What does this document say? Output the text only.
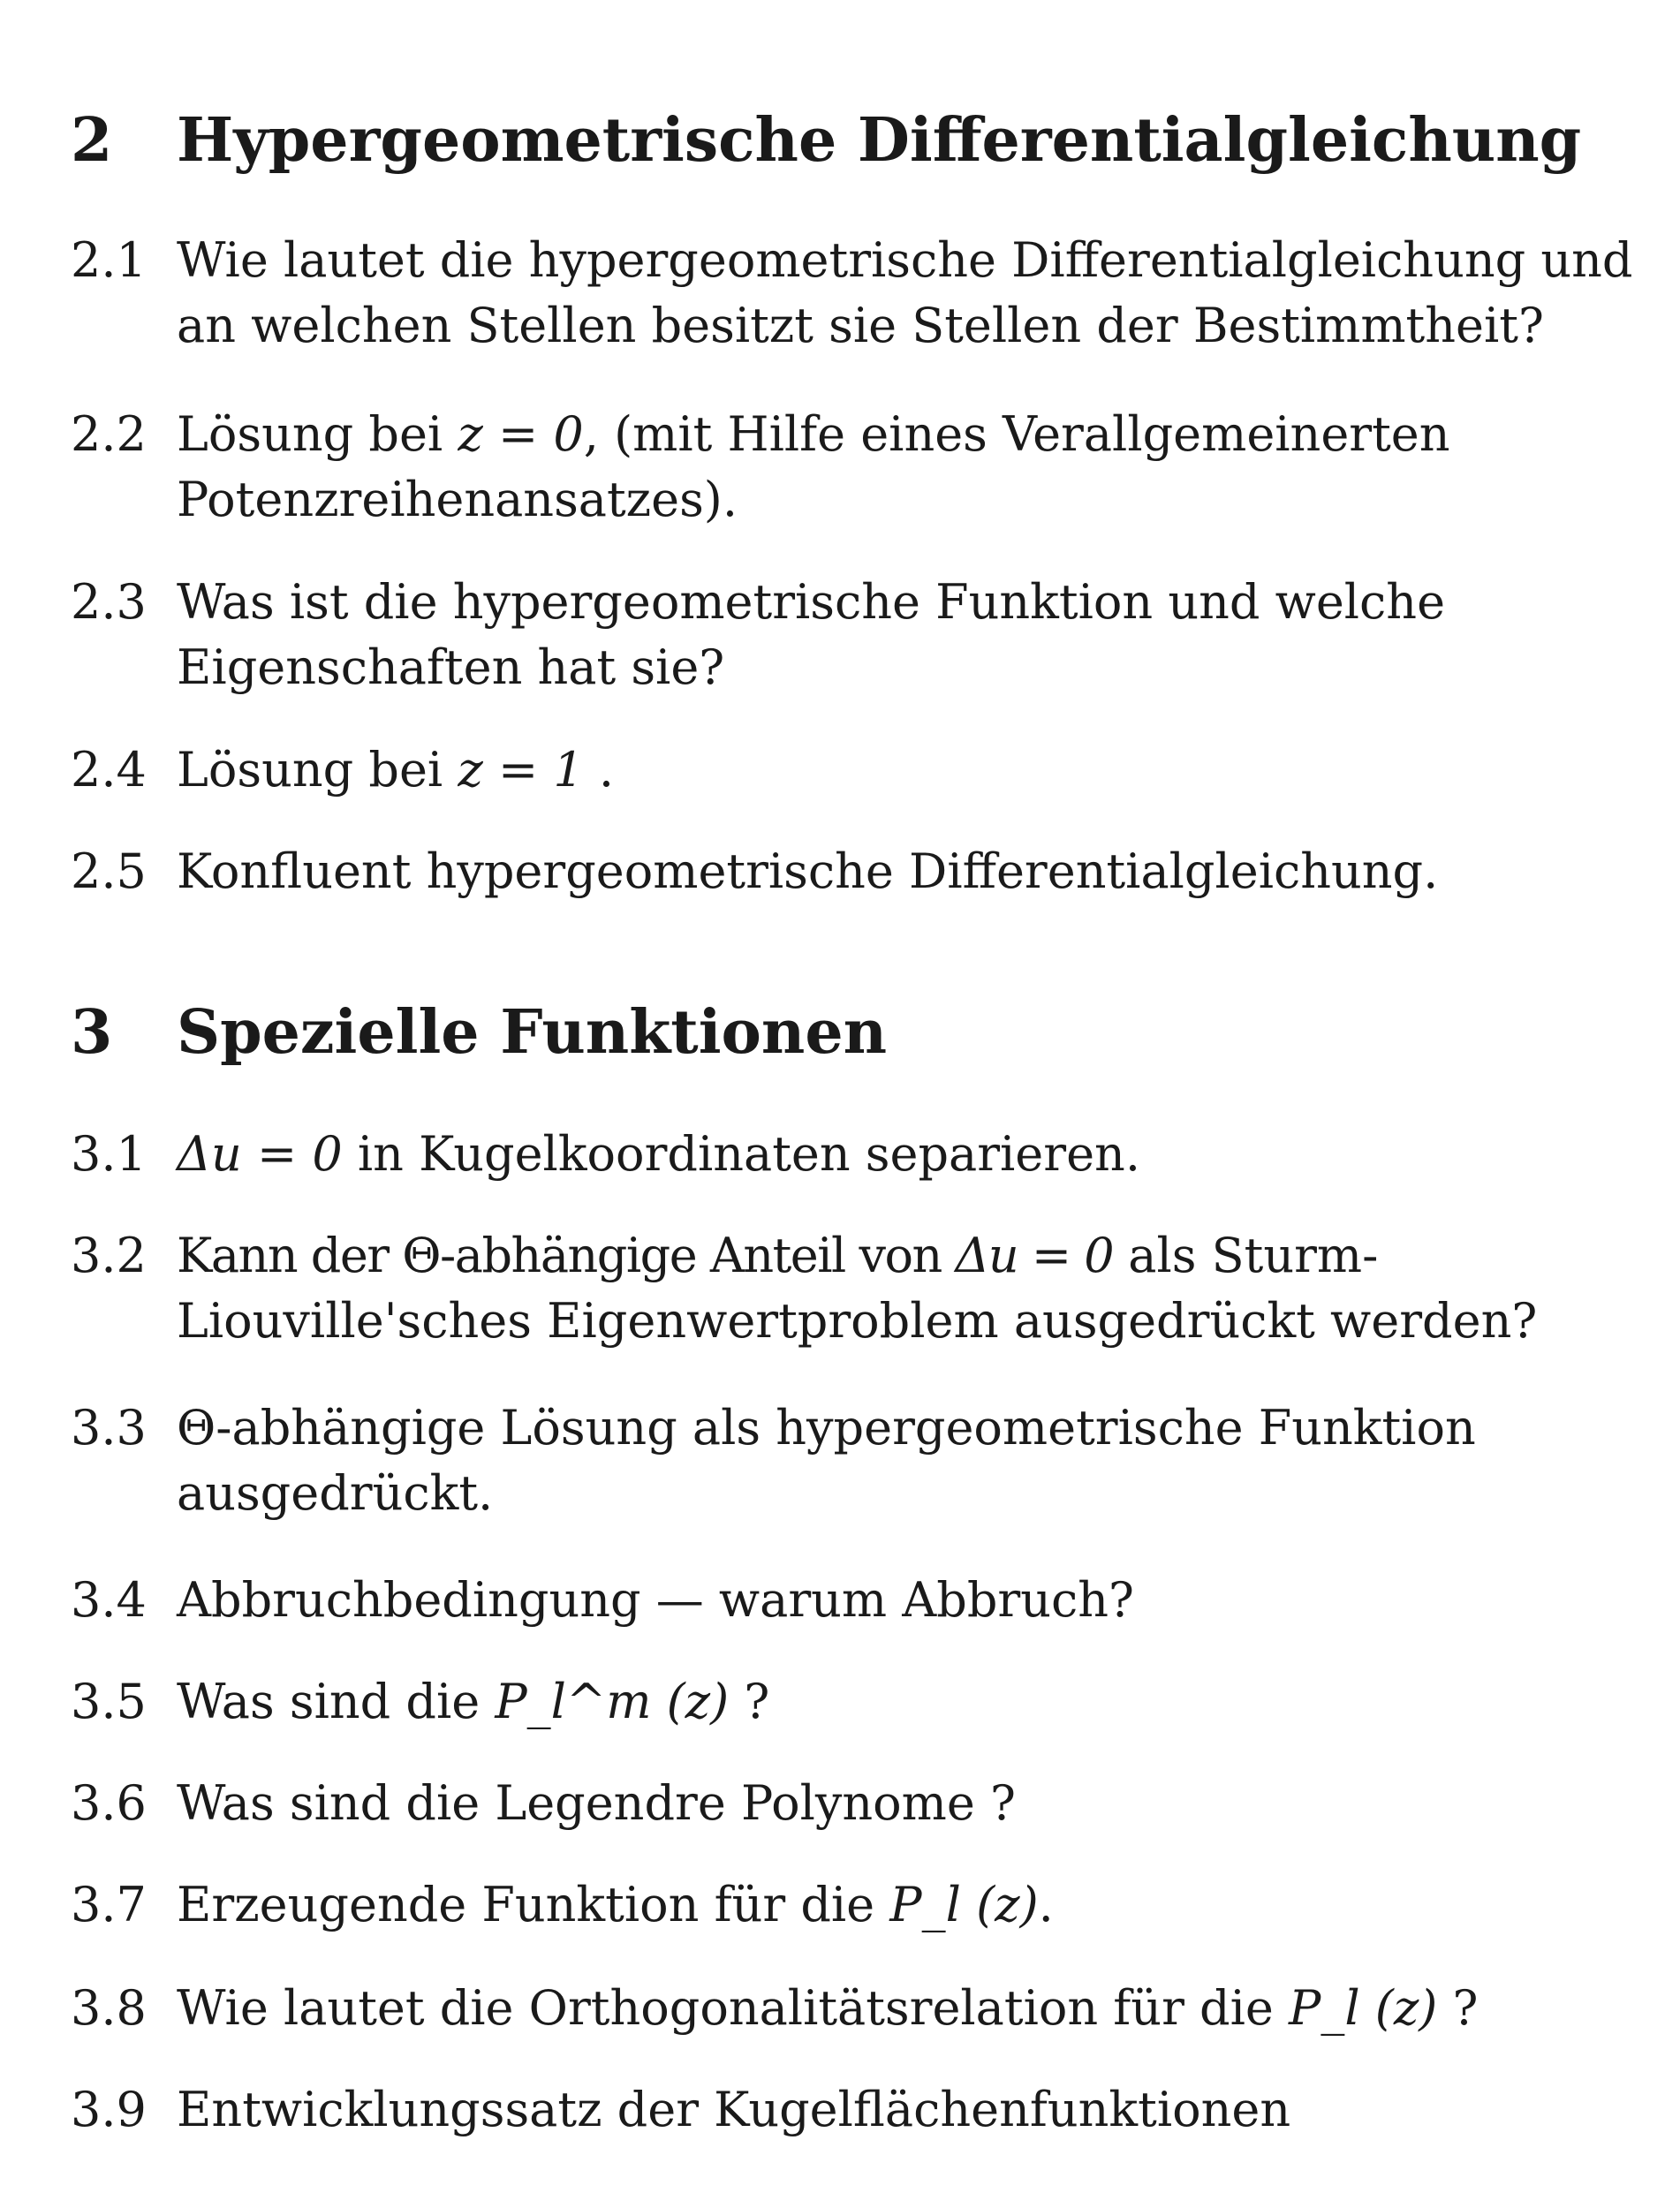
2 Hypergeometrische Differentialgleichung
2.1 Wie lautet die hypergeometrische Differentialgleichung und an welchen Stellen besitzt sie Stellen der Bestimmtheit?
2.2 Lösung bei z = 0, (mit Hilfe eines Verallgemeinerten Potenzreihenansatzes).
2.3 Was ist die hypergeometrische Funktion und welche Eigenschaften hat sie?
2.4 Lösung bei z = 1 .
2.5 Konfluent hypergeometrische Differentialgleichung.
3 Spezielle Funktionen
3.1 Δu = 0 in Kugelkoordinaten separieren.
3.2 Kann der Θ-abhängige Anteil von Δu = 0 als Sturm-Liouville'sches Eigenwertproblem ausgedrückt werden?
3.3 Θ-abhängige Lösung als hypergeometrische Funktion ausgedrückt.
3.4 Abbruchbedingung — warum Abbruch?
3.5 Was sind die P_l^m (z) ?
3.6 Was sind die Legendre Polynome ?
3.7 Erzeugende Funktion für die P_l (z).
3.8 Wie lautet die Orthogonalitätsrelation für die P_l (z) ?
3.9 Entwicklungssatz der Kugelflächenfunktionen
